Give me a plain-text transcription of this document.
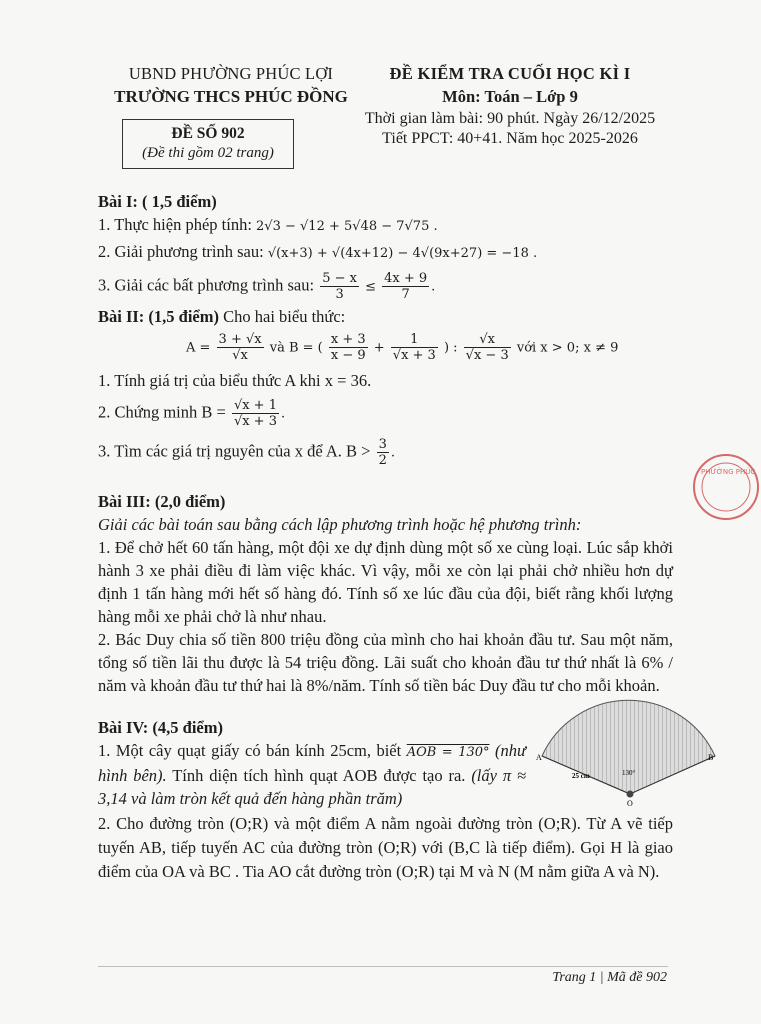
UBND PHƯỜNG PHÚC LỢI
TRƯỜNG THCS PHÚC ĐỒNG
ĐỀ SỐ 902
(Đề thi gồm 02 trang)
ĐỀ KIỂM TRA CUỐI HỌC KÌ I
Môn: Toán – Lớp 9
Thời gian làm bài: 90 phút. Ngày 26/12/2025
Tiết PPCT: 40+41. Năm học 2025-2026
Bài I: ( 1,5 điểm)
1. Thực hiện phép tính: 2√3 − √12 + 5√48 − 7√75 .
2. Giải phương trình sau: √(x+3) + √(4x+12) − 4√(9x+27) = −18 .
3. Giải các bất phương trình sau: $\frac{5 - x}{3} \le \frac{4x + 9}{7}$ .
Bài II: (1,5 điểm) Cho hai biểu thức:
$A = \frac{3 + √x}{√x}$ và B = ( $\frac{x + 3}{x - 9} + \frac{1}{√x + 3}$ ) : $\frac{√x}{√x - 3}$ với x > 0; x ≠ 9
1. Tính giá trị của biểu thức A khi x = 36.
2. Chứng minh $B = \frac{√x + 1}{√x + 3}$ .
3. Tìm các giá trị nguyên của x để A. $B > \frac{3}{2}$ .
Bài III: (2,0 điểm)
Giải các bài toán sau bằng cách lập phương trình hoặc hệ phương trình:
1. Để chở hết 60 tấn hàng, một đội xe dự định dùng một số xe cùng loại. Lúc sắp khởi hành 3 xe phải điều đi làm việc khác. Vì vậy, mỗi xe còn lại phải chở nhiều hơn dự định 1 tấn hàng mới hết số hàng đó. Tính số xe lúc đầu của đội, biết rằng khối lượng hàng mỗi xe phải chở là như nhau.
2. Bác Duy chia số tiền 800 triệu đồng của mình cho hai khoản đầu tư. Sau một năm, tổng số tiền lãi thu được là 54 triệu đồng. Lãi suất cho khoản đầu tư thứ nhất là 6% / năm và khoản đầu tư thứ hai là 8%/năm. Tính số tiền bác Duy đầu tư cho mỗi khoản.
Bài IV: (4,5 điểm)
1. Một cây quạt giấy có bán kính 25cm, biết AOB = 130° (như hình bên). Tính diện tích hình quạt AOB được tạo ra. (lấy π ≈ 3,14 và làm tròn kết quả đến hàng phần trăm)
2. Cho đường tròn (O;R) và một điểm A nằm ngoài đường tròn (O;R). Từ A vẽ tiếp tuyến AB, tiếp tuyến AC của đường tròn (O;R) với (B,C là tiếp điểm). Gọi H là giao điểm của OA và BC . Tia AO cắt đường tròn (O;R) tại M và N (M nằm giữa A và N).
A	B
O
25 cm	130°
PHƯỜNG PHÚC
Trang 1 | Mã đề 902
